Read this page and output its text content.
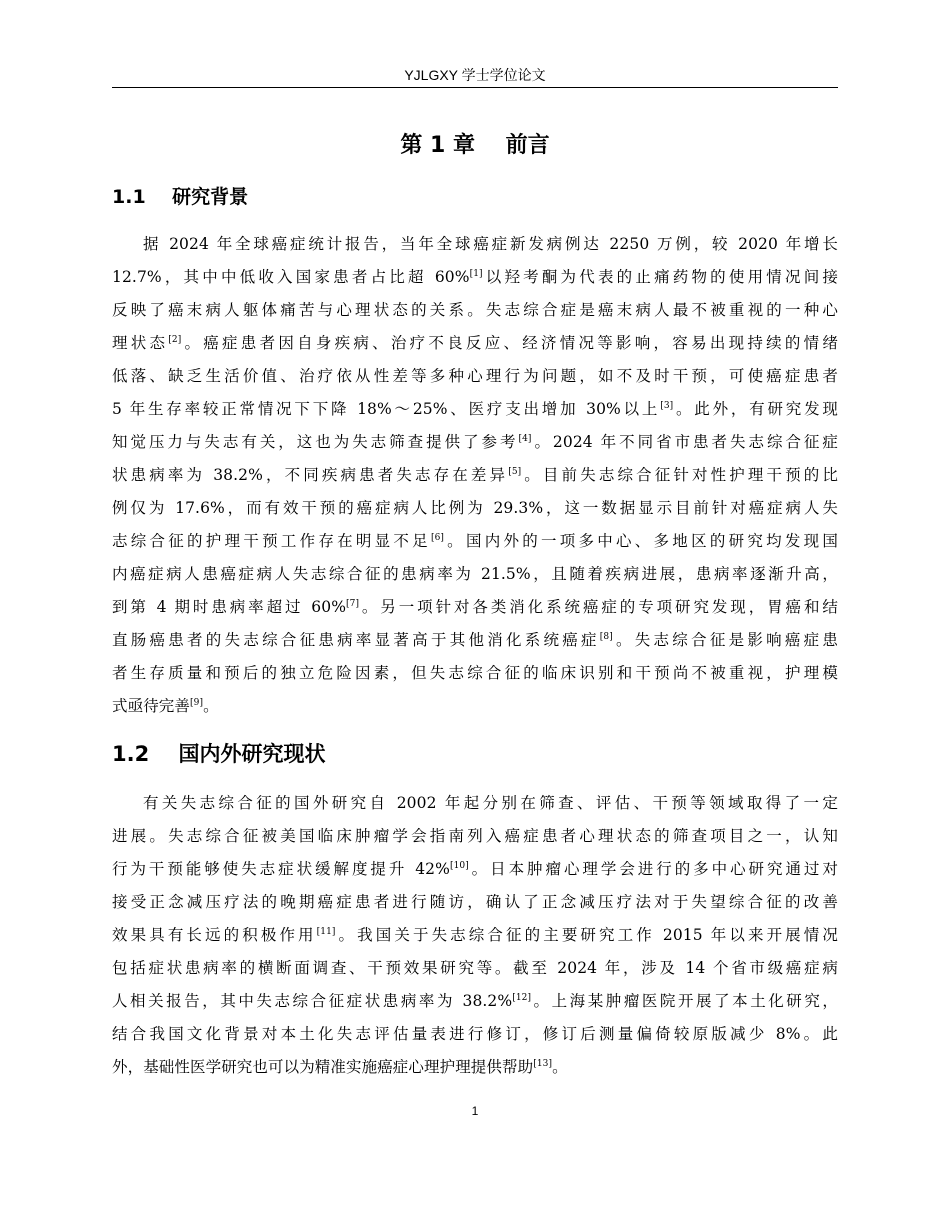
YJLGXY 学士学位论文
第 1 章    前言
1.1    研究背景
据 2024 年全球癌症统计报告，当年全球癌症新发病例达 2250 万例，较 2020 年增长
12.7%，其中中低收入国家患者占比超 60%[1]以羟考酮为代表的止痛药物的使用情况间接
反映了癌末病人躯体痛苦与心理状态的关系。失志综合症是癌末病人最不被重视的一种心
理状态[2]。癌症患者因自身疾病、治疗不良反应、经济情况等影响，容易出现持续的情绪
低落、缺乏生活价值、治疗依从性差等多种心理行为问题，如不及时干预，可使癌症患者
5 年生存率较正常情况下下降 18%～25%、医疗支出增加 30%以上[3]。此外，有研究发现
知觉压力与失志有关，这也为失志筛查提供了参考[4]。2024 年不同省市患者失志综合征症
状患病率为 38.2%，不同疾病患者失志存在差异[5]。目前失志综合征针对性护理干预的比
例仅为 17.6%，而有效干预的癌症病人比例为 29.3%，这一数据显示目前针对癌症病人失
志综合征的护理干预工作存在明显不足[6]。国内外的一项多中心、多地区的研究均发现国
内癌症病人患癌症病人失志综合征的患病率为 21.5%，且随着疾病进展，患病率逐渐升高，
到第 4 期时患病率超过 60%[7]。另一项针对各类消化系统癌症的专项研究发现，胃癌和结
直肠癌患者的失志综合征患病率显著高于其他消化系统癌症[8]。失志综合征是影响癌症患
者生存质量和预后的独立危险因素，但失志综合征的临床识别和干预尚不被重视，护理模
式亟待完善[9]。
1.2    国内外研究现状
有关失志综合征的国外研究自 2002 年起分别在筛查、评估、干预等领域取得了一定
进展。失志综合征被美国临床肿瘤学会指南列入癌症患者心理状态的筛查项目之一，认知
行为干预能够使失志症状缓解度提升 42%[10]。日本肿瘤心理学会进行的多中心研究通过对
接受正念减压疗法的晚期癌症患者进行随访，确认了正念减压疗法对于失望综合征的改善
效果具有长远的积极作用[11]。我国关于失志综合征的主要研究工作 2015 年以来开展情况
包括症状患病率的横断面调查、干预效果研究等。截至 2024 年，涉及 14 个省市级癌症病
人相关报告，其中失志综合征症状患病率为 38.2%[12]。上海某肿瘤医院开展了本土化研究，
结合我国文化背景对本土化失志评估量表进行修订，修订后测量偏倚较原版减少 8%。此
外，基础性医学研究也可以为精准实施癌症心理护理提供帮助[13]。
1
